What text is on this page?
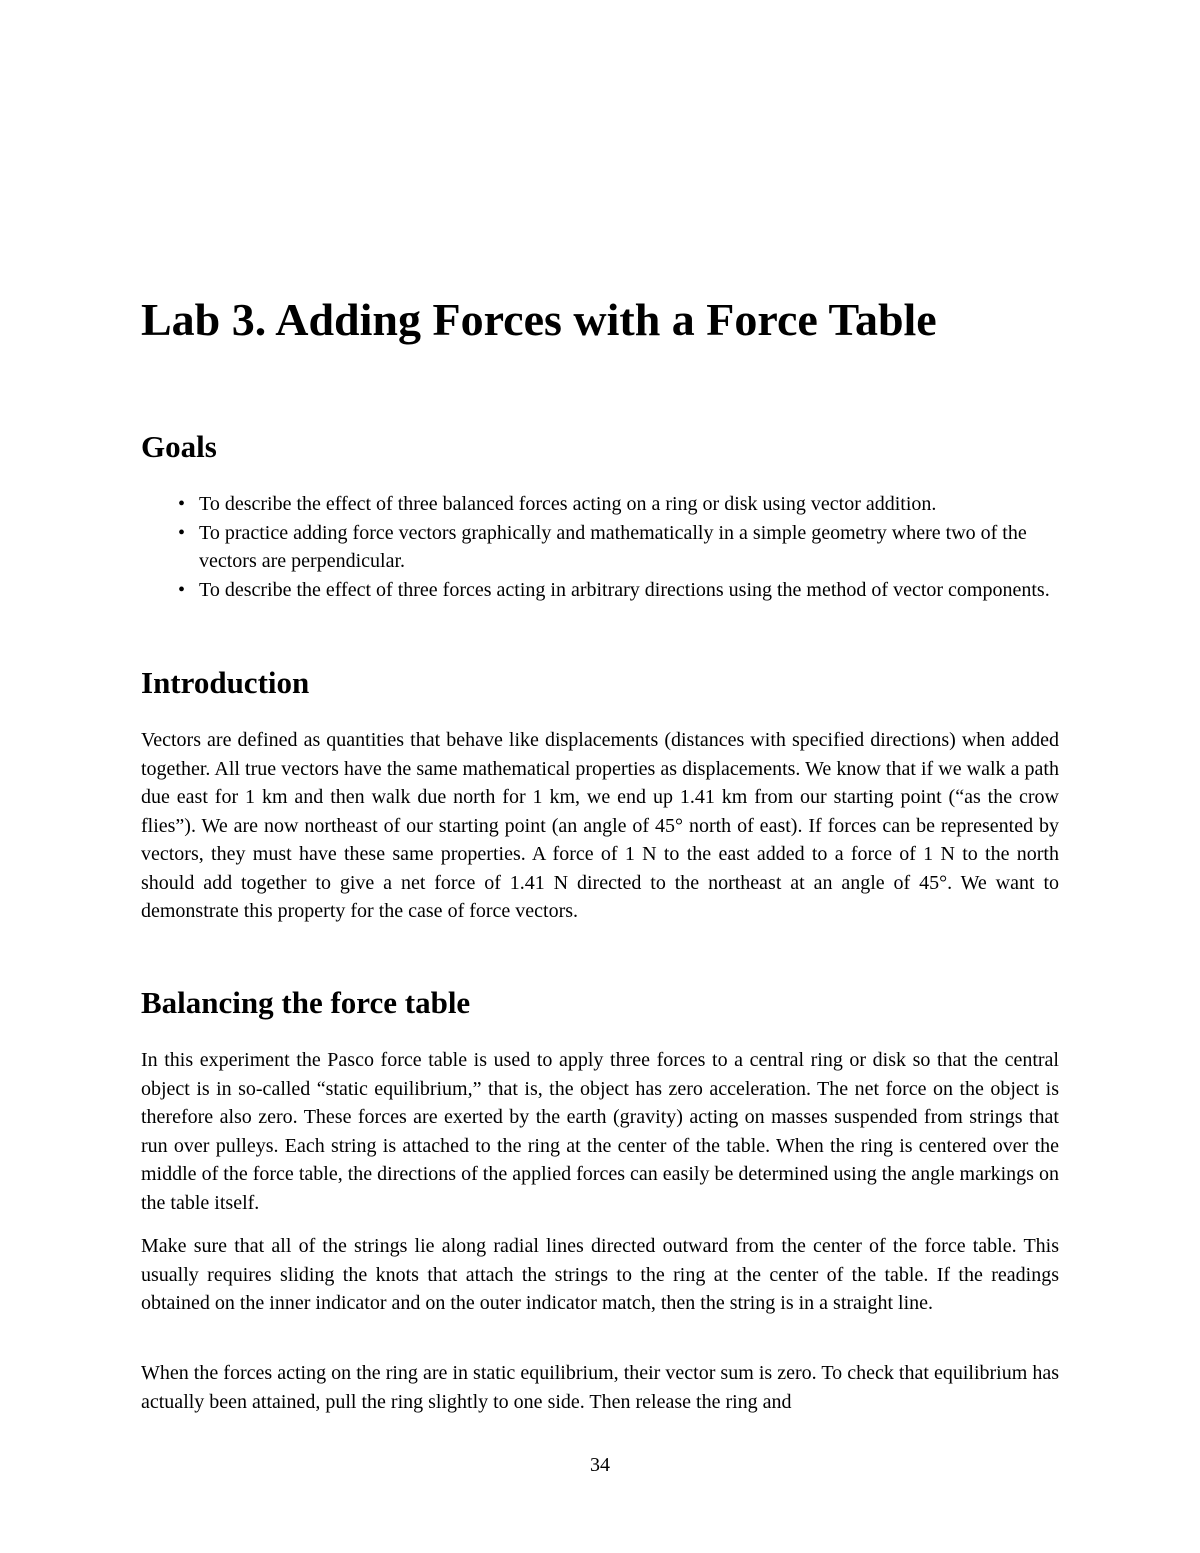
Lab 3. Adding Forces with a Force Table
Goals
• To describe the effect of three balanced forces acting on a ring or disk using vector addition.
• To practice adding force vectors graphically and mathematically in a simple geometry where two of the vectors are perpendicular.
• To describe the effect of three forces acting in arbitrary directions using the method of vector components.
Introduction

Vectors are defined as quantities that behave like displacements (distances with specified directions) when added together. All true vectors have the same mathematical properties as displacements. We know that if we walk a path due east for 1 km and then walk due north for 1 km, we end up 1.41 km from our starting point (“as the crow flies”). We are now northeast of our starting point (an angle of 45° north of east). If forces can be represented by vectors, they must have these same properties. A force of 1 N to the east added to a force of 1 N to the north should add together to give a net force of 1.41 N directed to the northeast at an angle of 45°. We want to demonstrate this property for the case of force vectors.

Balancing the force table

In this experiment the Pasco force table is used to apply three forces to a central ring or disk so that the central object is in so-called “static equilibrium,” that is, the object has zero acceleration. The net force on the object is therefore also zero. These forces are exerted by the earth (gravity) acting on masses suspended from strings that run over pulleys. Each string is attached to the ring at the center of the table. When the ring is centered over the middle of the force table, the directions of the applied forces can easily be determined using the angle markings on the table itself.

Make sure that all of the strings lie along radial lines directed outward from the center of the force table. This usually requires sliding the knots that attach the strings to the ring at the center of the table. If the readings obtained on the inner indicator and on the outer indicator match, then the string is in a straight line.

When the forces acting on the ring are in static equilibrium, their vector sum is zero. To check that equilibrium has actually been attained, pull the ring slightly to one side. Then release the ring and

34
